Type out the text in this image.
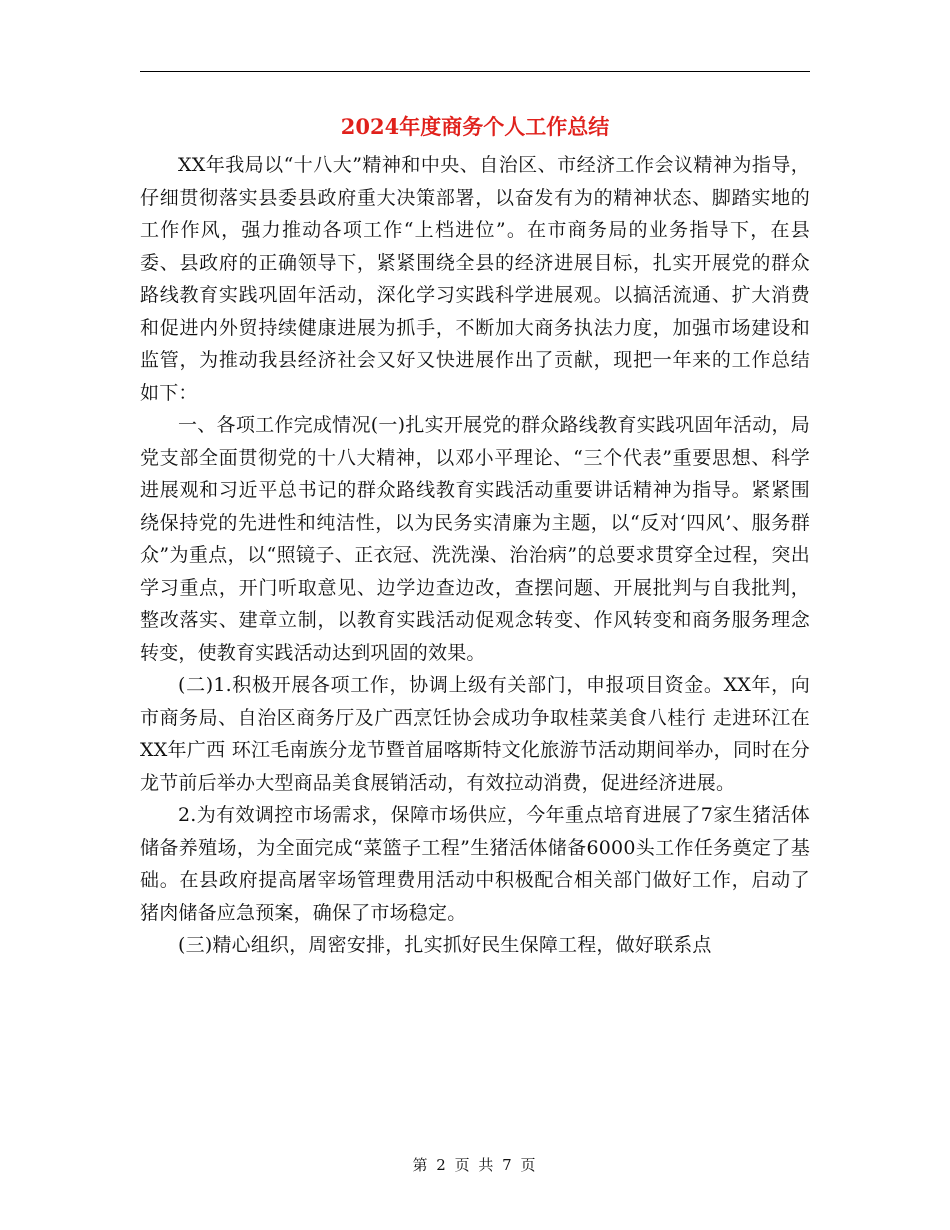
2024年度商务个人工作总结

XX年我局以“十八大”精神和中央、自治区、市经济工作会议精神为指导，仔细贯彻落实县委县政府重大决策部署，以奋发有为的精神状态、脚踏实地的工作作风，强力推动各项工作“上档进位”。在市商务局的业务指导下，在县委、县政府的正确领导下，紧紧围绕全县的经济进展目标，扎实开展党的群众路线教育实践巩固年活动，深化学习实践科学进展观。以搞活流通、扩大消费和促进内外贸持续健康进展为抓手，不断加大商务执法力度，加强市场建设和监管，为推动我县经济社会又好又快进展作出了贡献，现把一年来的工作总结如下：

一、各项工作完成情况(一)扎实开展党的群众路线教育实践巩固年活动，局党支部全面贯彻党的十八大精神，以邓小平理论、“三个代表”重要思想、科学进展观和习近平总书记的群众路线教育实践活动重要讲话精神为指导。紧紧围绕保持党的先进性和纯洁性，以为民务实清廉为主题，以“反对‘四风’、服务群众”为重点，以“照镜子、正衣冠、洗洗澡、治治病”的总要求贯穿全过程，突出学习重点，开门听取意见、边学边查边改，查摆问题、开展批判与自我批判，整改落实、建章立制，以教育实践活动促观念转变、作风转变和商务服务理念转变，使教育实践活动达到巩固的效果。

(二)1.积极开展各项工作，协调上级有关部门，申报项目资金。XX年，向市商务局、自治区商务厅及广西烹饪协会成功争取桂菜美食八桂行 走进环江在XX年广西 环江毛南族分龙节暨首届喀斯特文化旅游节活动期间举办，同时在分龙节前后举办大型商品美食展销活动，有效拉动消费，促进经济进展。

2.为有效调控市场需求，保障市场供应，今年重点培育进展了7家生猪活体储备养殖场，为全面完成“菜篮子工程”生猪活体储备6000头工作任务奠定了基础。在县政府提高屠宰场管理费用活动中积极配合相关部门做好工作，启动了猪肉储备应急预案，确保了市场稳定。

(三)精心组织，周密安排，扎实抓好民生保障工程，做好联系点

第 2 页 共 7 页
